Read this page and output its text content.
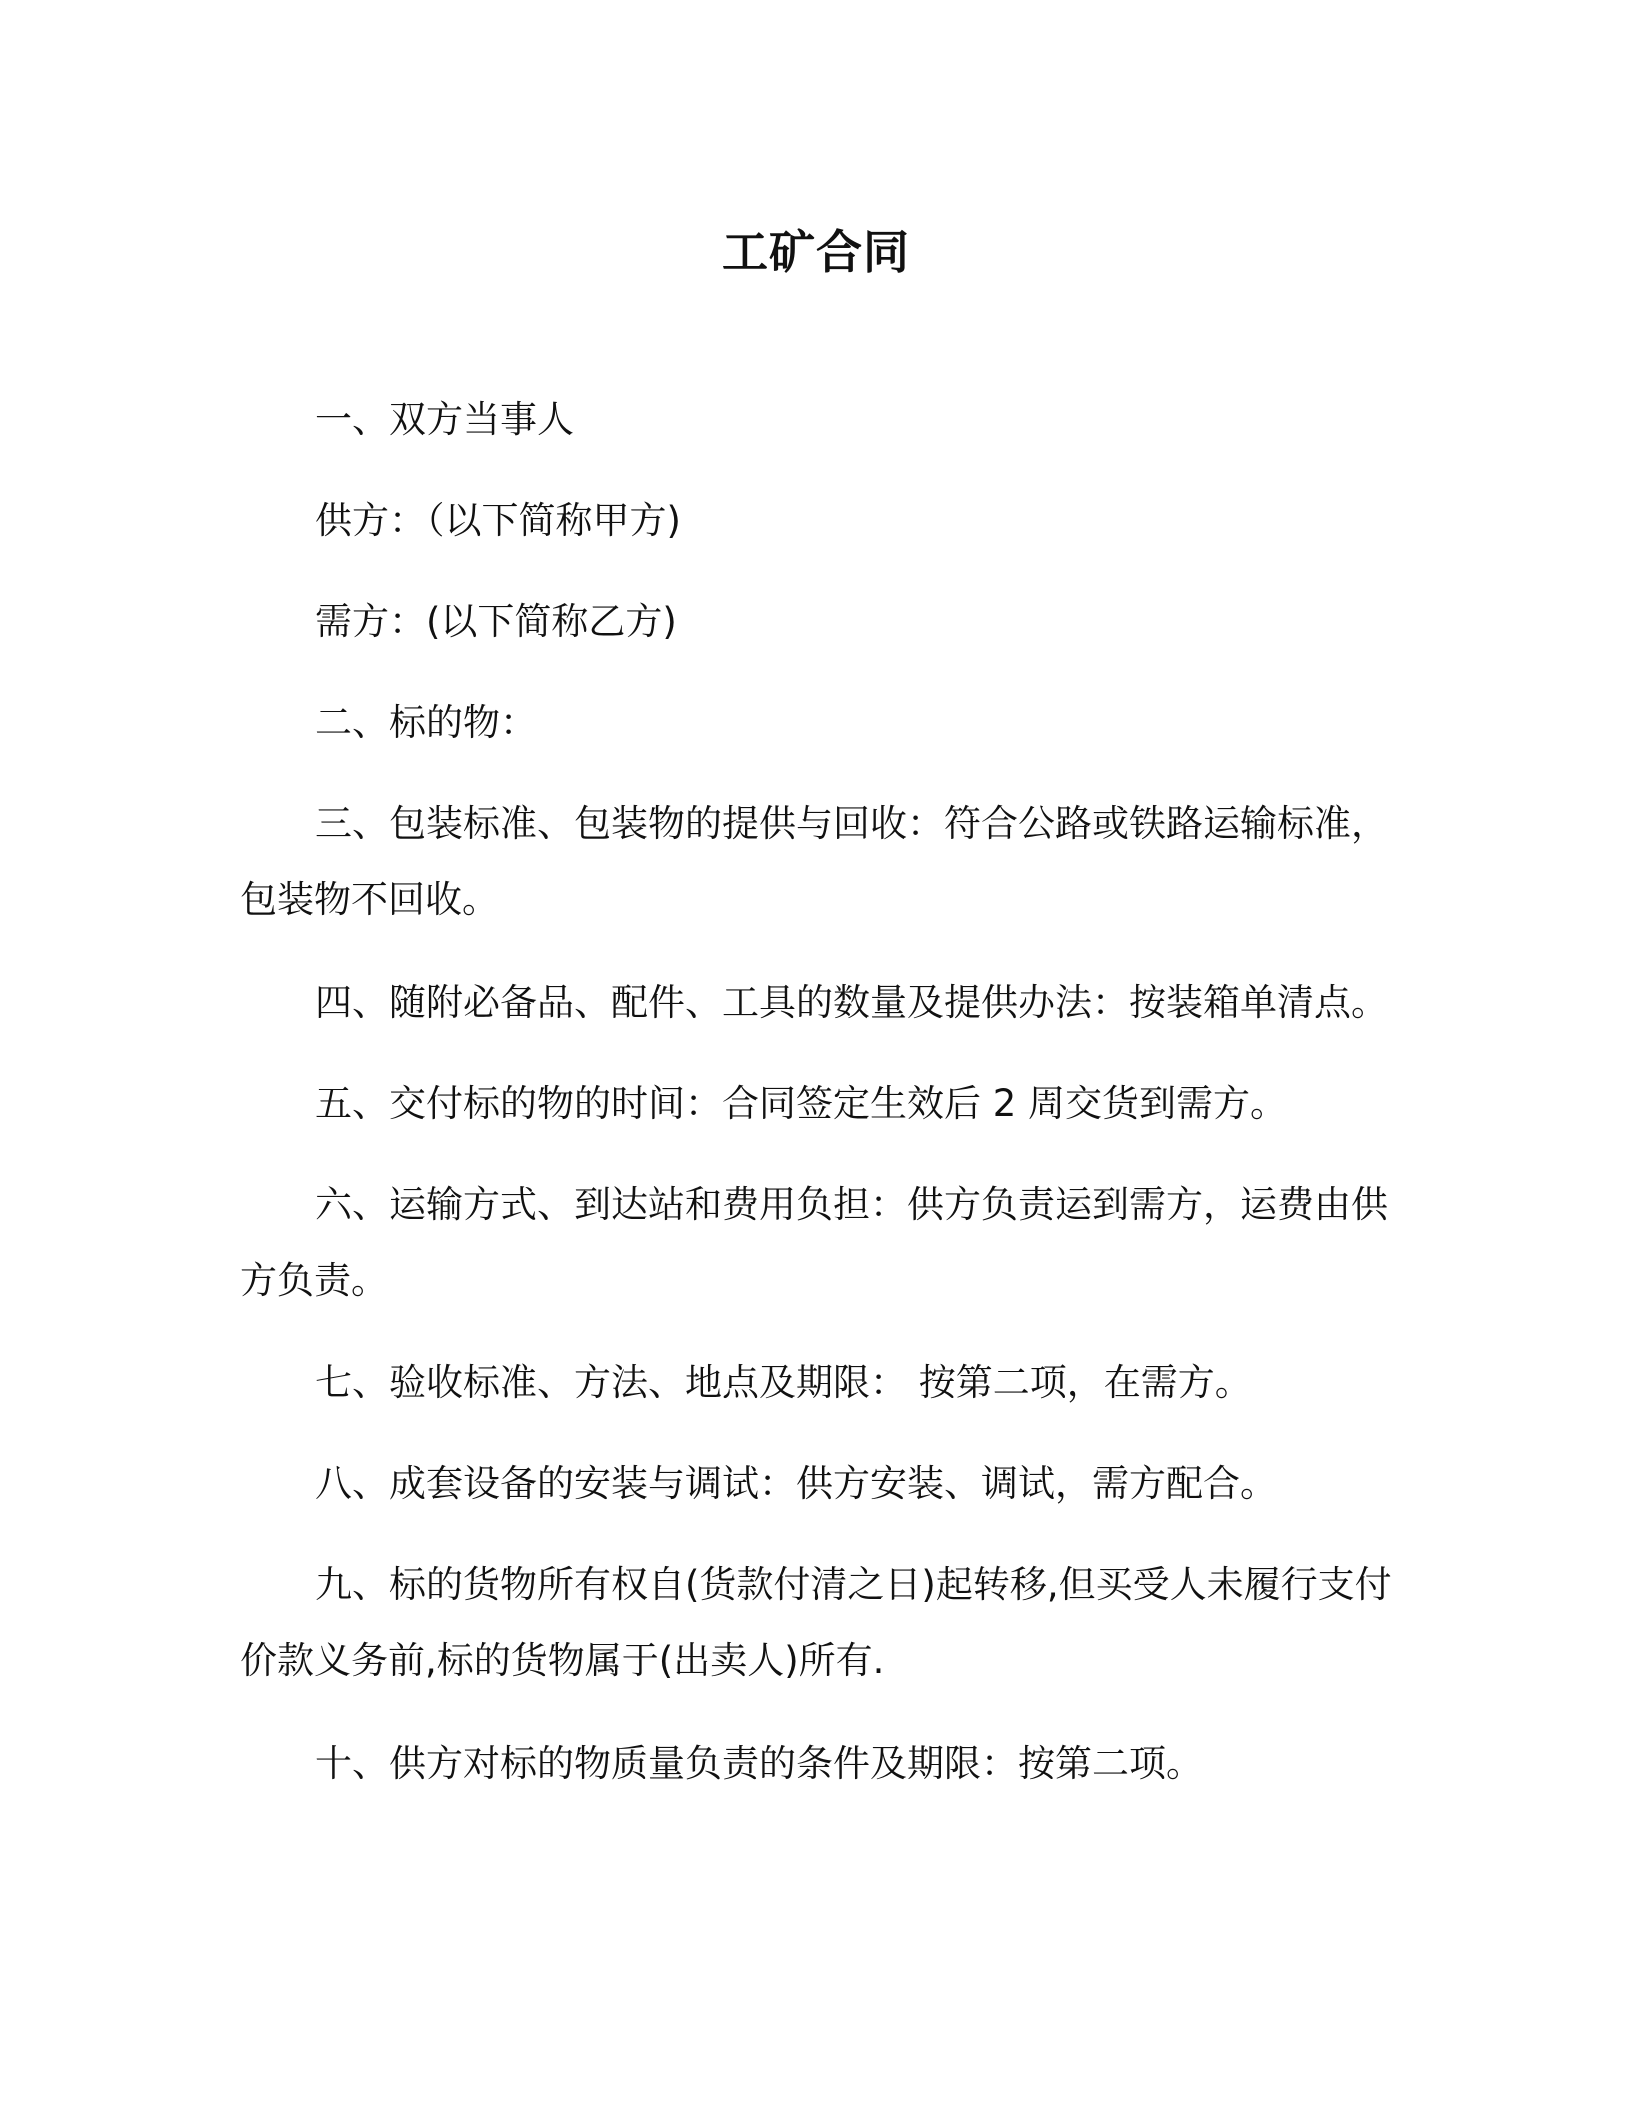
工矿合同
一、双方当事人
供方：（以下简称甲方)
需方：(以下简称乙方)
二、标的物：
三、包装标准、包装物的提供与回收：符合公路或铁路运输标准，包装物不回收。
四、随附必备品、配件、工具的数量及提供办法：按装箱单清点。
五、交付标的物的时间：合同签定生效后 2 周交货到需方。
六、运输方式、到达站和费用负担：供方负责运到需方，运费由供方负责。
七、验收标准、方法、地点及期限： 按第二项，在需方。
八、成套设备的安装与调试：供方安装、调试，需方配合。
九、标的货物所有权自(货款付清之日)起转移,但买受人未履行支付价款义务前,标的货物属于(出卖人)所有.
十、供方对标的物质量负责的条件及期限：按第二项。
